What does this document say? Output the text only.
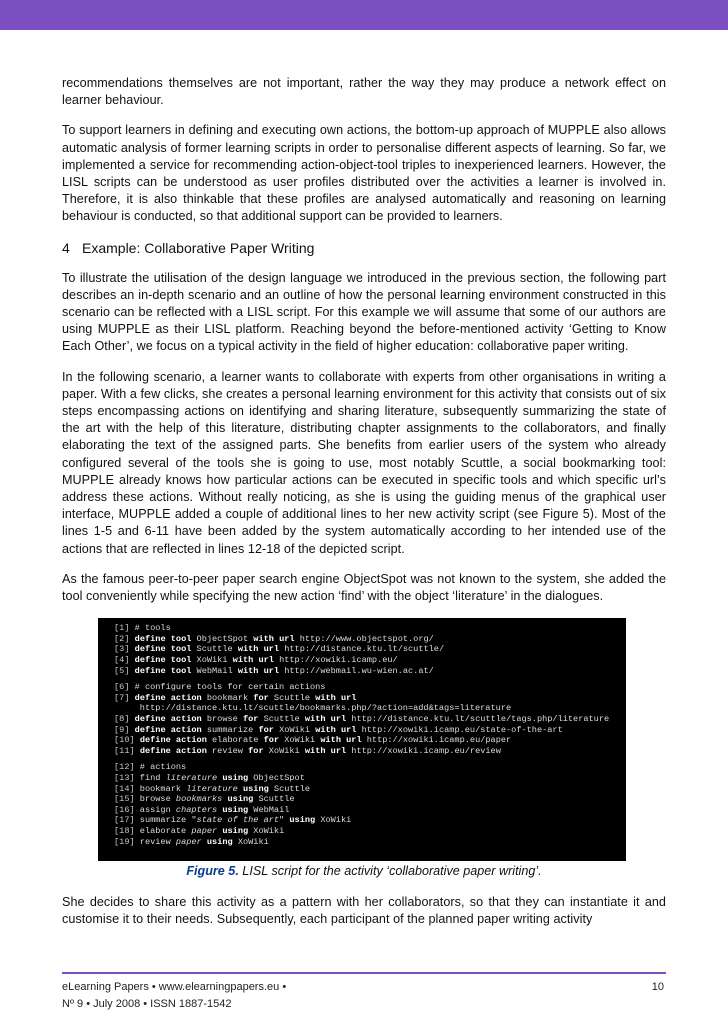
recommendations themselves are not important, rather the way they may produce a network effect on learner behaviour.

To support learners in defining and executing own actions, the bottom-up approach of MUPPLE also allows automatic analysis of former learning scripts in order to personalise different aspects of learning. So far, we implemented a service for recommending action-object-tool triples to inexperienced learners. However, the LISL scripts can be understood as user profiles distributed over the activities a learner is involved in. Therefore, it is also thinkable that these profiles are analysed automatically and reasoning on learning behaviour is conducted, so that additional support can be provided to learners.

4 Example: Collaborative Paper Writing

To illustrate the utilisation of the design language we introduced in the previous section, the following part describes an in-depth scenario and an outline of how the personal learning environment constructed in this scenario can be reflected with a LISL script. For this example we will assume that some of our authors are using MUPPLE as their LISL platform. Reaching beyond the before-mentioned activity ‘Getting to Know Each Other’, we focus on a typical activity in the field of higher education: collaborative paper writing.

In the following scenario, a learner wants to collaborate with experts from other organisations in writing a paper. With a few clicks, she creates a personal learning environment for this activity that consists out of six steps encompassing actions on identifying and sharing literature, subsequently summarizing the state of the art with the help of this literature, distributing chapter assignments to the collaborators, and finally elaborating the text of the assigned parts. She benefits from earlier users of the system who already configured several of the tools she is going to use, most notably Scuttle, a social bookmarking tool: MUPPLE already knows how particular actions can be executed in specific tools and which specific url’s address these actions. Without really noticing, as she is using the guiding menus of the graphical user interface, MUPPLE added a couple of additional lines to her new activity script (see Figure 5). Most of the lines 1-5 and 6-11 have been added by the system automatically according to her intended use of the actions that are reflected in lines 12-18 of the depicted script.

As the famous peer-to-peer paper search engine ObjectSpot was not known to the system, she added the tool conveniently while specifying the new action ‘find’ with the object ‘literature’ in the dialogues.

[1] # tools
[2] define tool ObjectSpot with url http://www.objectspot.org/
[3] define tool Scuttle with url http://distance.ktu.lt/scuttle/
[4] define tool XoWiki with url http://xowiki.icamp.eu/
[5] define tool WebMail with url http://webmail.wu-wien.ac.at/
[6] # configure tools for certain actions
[7] define action bookmark for Scuttle with url
http://distance.ktu.lt/scuttle/bookmarks.php/?action=add&tags=literature
[8] define action browse for Scuttle with url http://distance.ktu.lt/scuttle/tags.php/literature
[9] define action summarize for XoWiki with url http://xowiki.icamp.eu/state-of-the-art
[10] define action elaborate for XoWiki with url http://xowiki.icamp.eu/paper
[11] define action review for XoWiki with url http://xowiki.icamp.eu/review
[12] # actions
[13] find literature using ObjectSpot
[14] bookmark literature using Scuttle
[15] browse bookmarks using Scuttle
[16] assign chapters using WebMail
[17] summarize "state of the art" using XoWiki
[18] elaborate paper using XoWiki
[19] review paper using XoWiki
Figure 5. LISL script for the activity ‘collaborative paper writing’.

She decides to share this activity as a pattern with her collaborators, so that they can instantiate it and customise it to their needs. Subsequently, each participant of the planned paper writing activity

eLearning Papers • www.elearningpapers.eu •
Nº 9 • July 2008 • ISSN 1887-1542
10
